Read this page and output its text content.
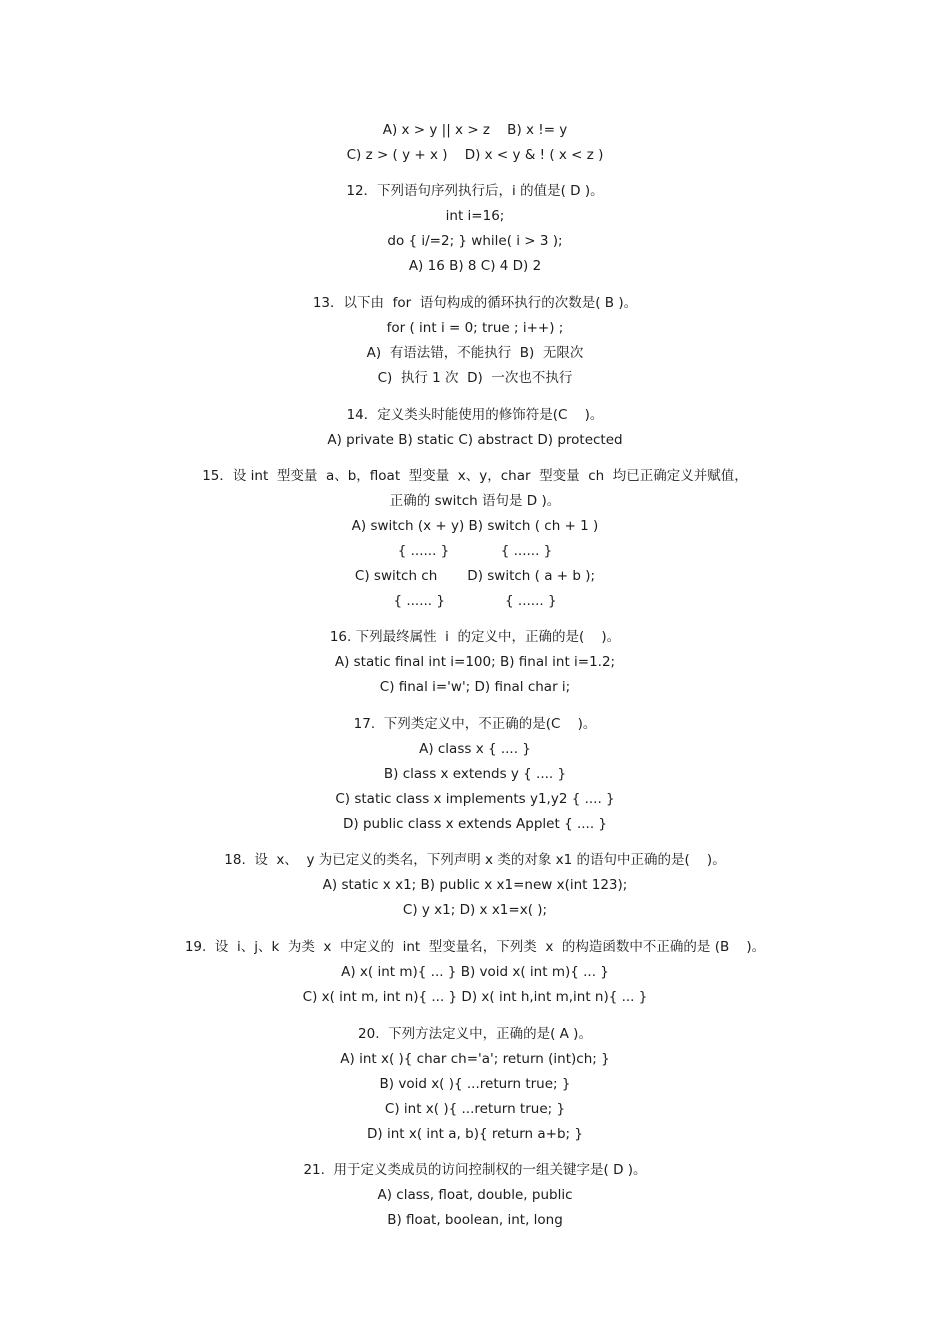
A) x > y || x > z    B) x != y
C) z > ( y + x )    D) x < y & ! ( x < z )
12．下列语句序列执行后，i 的值是( D )。
int i=16;
do { i/=2; } while( i > 3 );
A) 16 B) 8 C) 4 D) 2
13．以下由  for  语句构成的循环执行的次数是( B )。
for ( int i = 0; true ; i++) ;
A)  有语法错，不能执行  B)  无限次
C)  执行 1 次  D)  一次也不执行
14．定义类头时能使用的修饰符是(C    )。
A) private B) static C) abstract D) protected
15．设 int  型变量  a、b，float  型变量  x、y，char  型变量  ch  均已正确定义并赋值，
正确的 switch 语句是 D )。
A) switch (x + y) B) switch ( ch + 1 )
{ ...... }            { ...... }
C) switch ch       D) switch ( a + b );
{ ...... }              { ...... }
16. 下列最终属性  i  的定义中，正确的是(    )。
A) static final int i=100; B) final int i=1.2;
C) final i='w'; D) final char i;
17.  下列类定义中，不正确的是(C    )。
A) class x { .... }
B) class x extends y { .... }
C) static class x implements y1,y2 { .... }
D) public class x extends Applet { .... }
18.  设  x、  y 为已定义的类名，下列声明 x 类的对象 x1 的语句中正确的是(    )。
A) static x x1; B) public x x1=new x(int 123);
C) y x1; D) x x1=x( );
19.  设  i、j、k  为类  x  中定义的  int  型变量名，下列类  x  的构造函数中不正确的是 (B    )。
A) x( int m){ ... } B) void x( int m){ ... }
C) x( int m, int n){ ... } D) x( int h,int m,int n){ ... }
20.  下列方法定义中，正确的是( A )。
A) int x( ){ char ch='a'; return (int)ch; }
B) void x( ){ ...return true; }
C) int x( ){ ...return true; }
D) int x( int a, b){ return a+b; }
21.  用于定义类成员的访问控制权的一组关键字是( D )。
A) class, float, double, public
B) float, boolean, int, long
